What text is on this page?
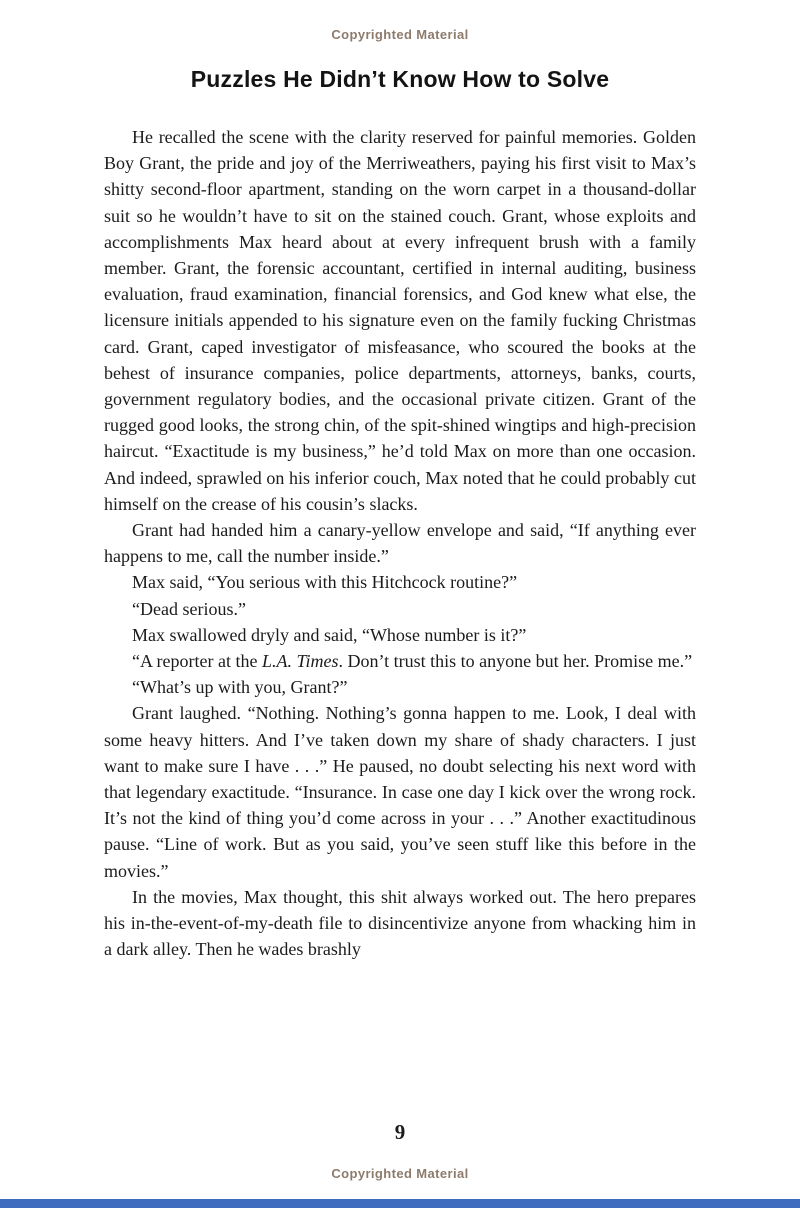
Copyrighted Material
Puzzles He Didn’t Know How to Solve

He recalled the scene with the clarity reserved for painful memories. Golden Boy Grant, the pride and joy of the Merriweathers, paying his first visit to Max’s shitty second-floor apartment, standing on the worn carpet in a thousand-dollar suit so he wouldn’t have to sit on the stained couch. Grant, whose exploits and accomplishments Max heard about at every infrequent brush with a family member. Grant, the forensic accountant, certified in internal auditing, business evaluation, fraud examination, financial forensics, and God knew what else, the licensure initials appended to his signature even on the family fucking Christmas card. Grant, caped investigator of misfeasance, who scoured the books at the behest of insurance companies, police departments, attorneys, banks, courts, government regulatory bodies, and the occasional private citizen. Grant of the rugged good looks, the strong chin, of the spit-shined wingtips and high-precision haircut. “Exactitude is my business,” he’d told Max on more than one occasion. And indeed, sprawled on his inferior couch, Max noted that he could probably cut himself on the crease of his cousin’s slacks.

Grant had handed him a canary-yellow envelope and said, “If anything ever happens to me, call the number inside.”

Max said, “You serious with this Hitchcock routine?”

“Dead serious.”

Max swallowed dryly and said, “Whose number is it?”

“A reporter at the L.A. Times. Don’t trust this to anyone but her. Promise me.”

“What’s up with you, Grant?”

Grant laughed. “Nothing. Nothing’s gonna happen to me. Look, I deal with some heavy hitters. And I’ve taken down my share of shady characters. I just want to make sure I have . . .” He paused, no doubt selecting his next word with that legendary exactitude. “Insurance. In case one day I kick over the wrong rock. It’s not the kind of thing you’d come across in your . . .” Another exactitudinous pause. “Line of work. But as you said, you’ve seen stuff like this before in the movies.”

In the movies, Max thought, this shit always worked out. The hero prepares his in-the-event-of-my-death file to disincentivize anyone from whacking him in a dark alley. Then he wades brashly

9
Copyrighted Material
